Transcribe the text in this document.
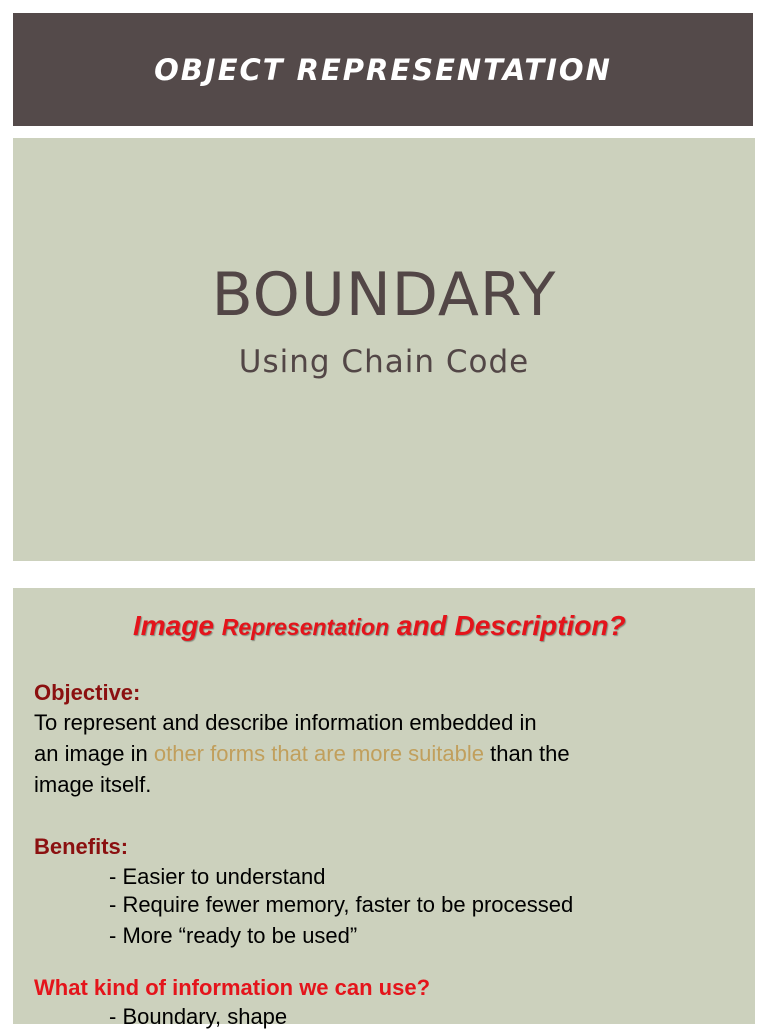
OBJECT REPRESENTATION
BOUNDARY
Using Chain Code
Image Representation and Description?
Objective:
To represent and describe information embedded in
an image in other forms that are more suitable than the
image itself.
Benefits:
- Easier to understand
- Require fewer memory, faster to be processed
- More “ready to be used”
What kind of information we can use?
- Boundary, shape
